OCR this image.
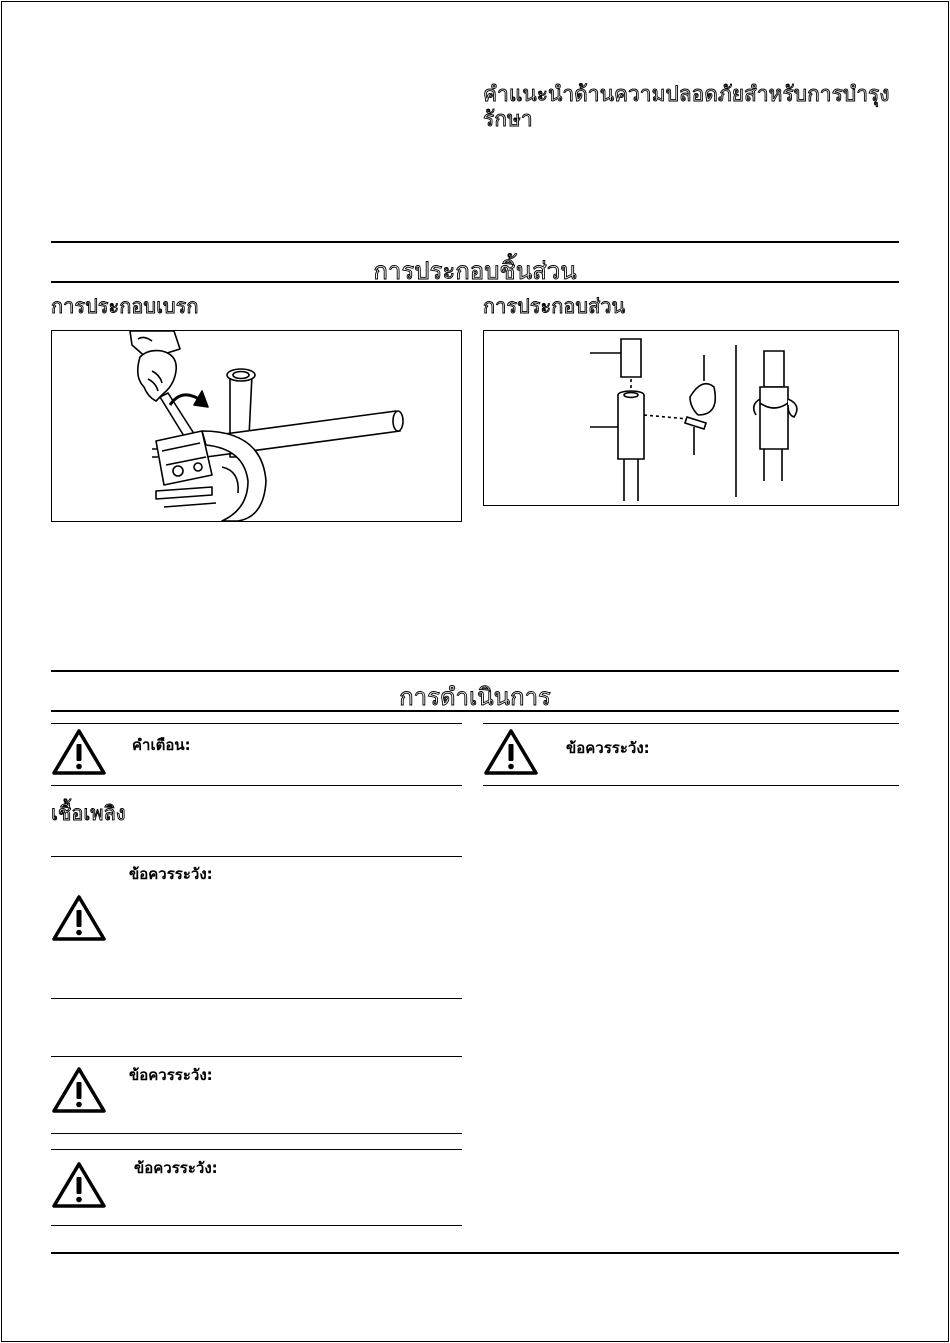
คำแนะนำด้านความปลอดภัยสำหรับการบำรุง
รักษา
การประกอบชิ้นส่วน
การประกอบเบรก	การประกอบส่วน
การดำเนินการ
คำเตือน:	ข้อควรระวัง:
เชื้อเพลิง
ข้อควรระวัง:
ข้อควรระวัง:
ข้อควรระวัง:
